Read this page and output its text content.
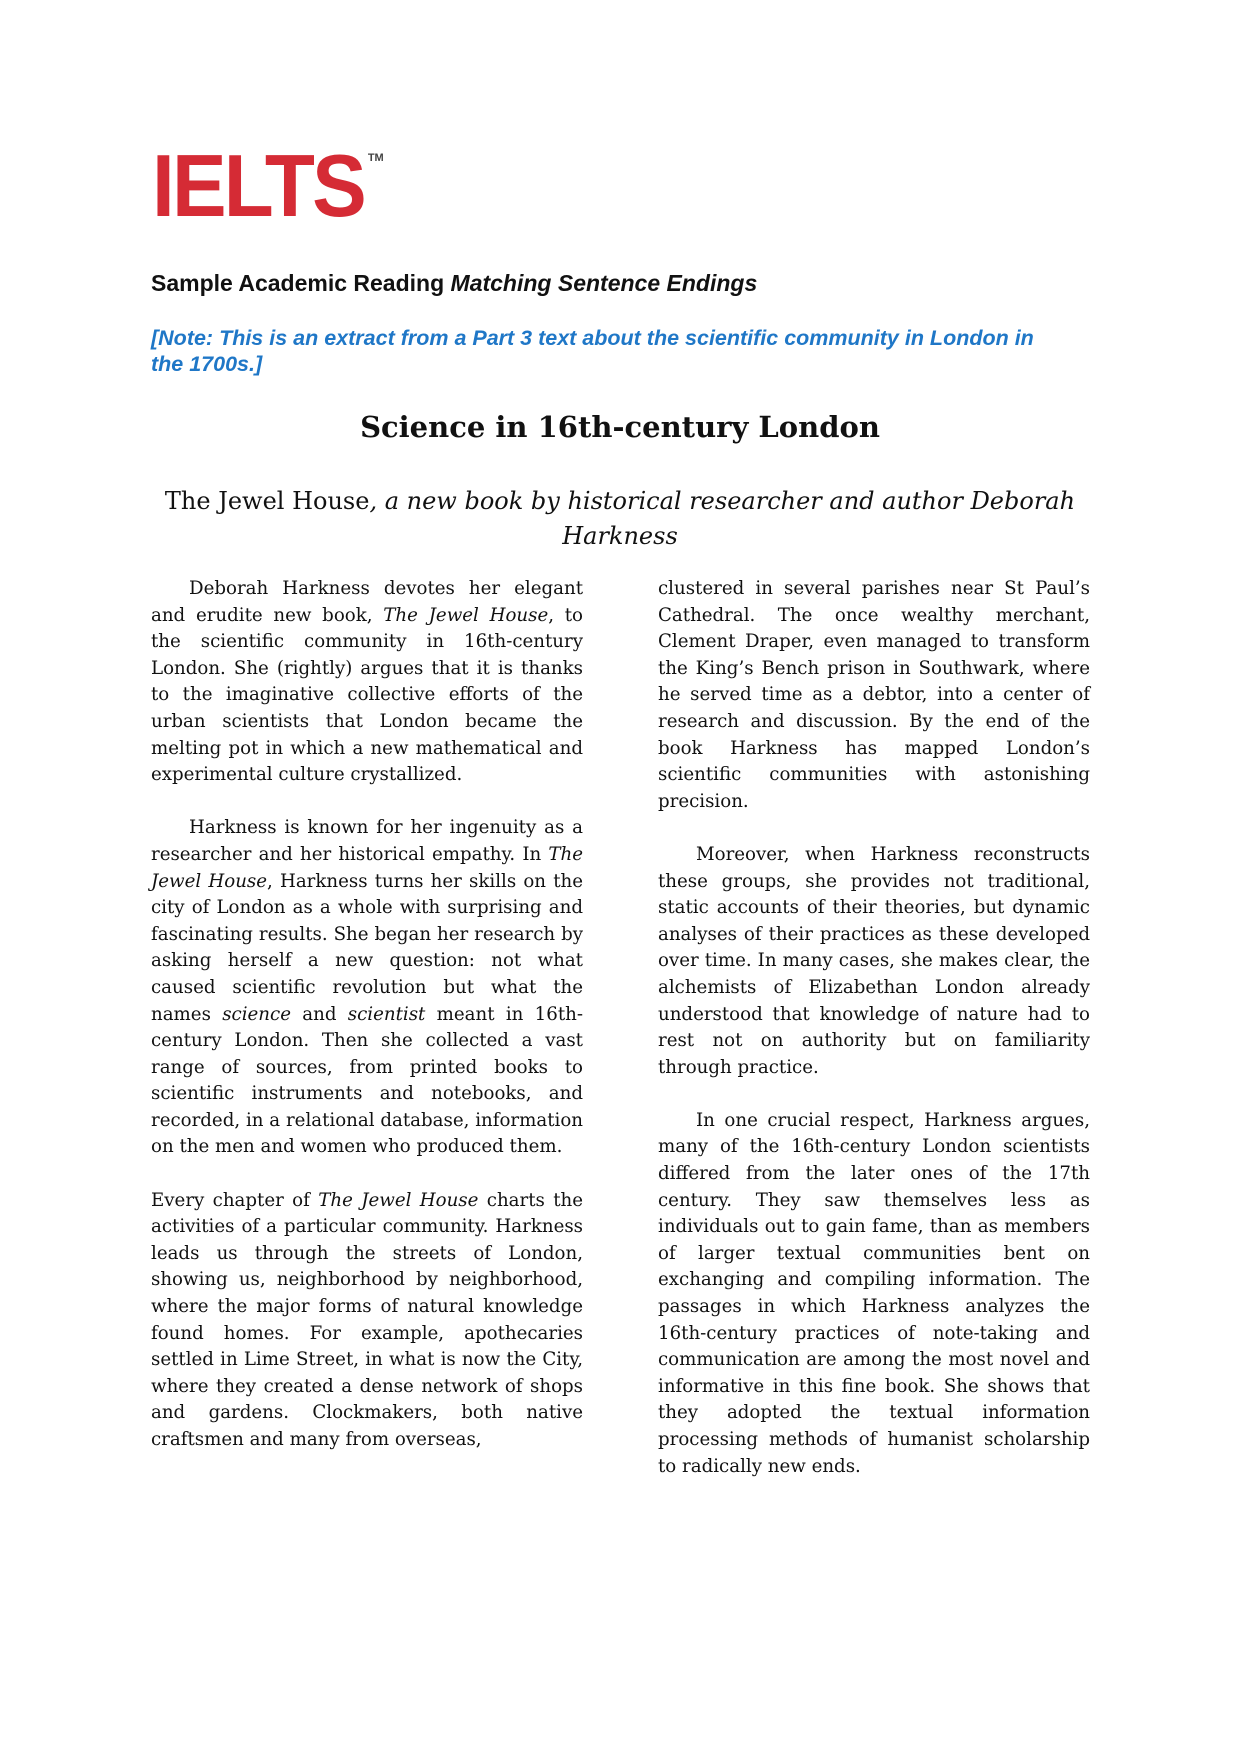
IELTS TM
Sample Academic Reading Matching Sentence Endings
[Note: This is an extract from a Part 3 text about the scientific community in London in the 1700s.]
Science in 16th-century London
The Jewel House, a new book by historical researcher and author Deborah Harkness

Deborah Harkness devotes her elegant and erudite new book, The Jewel House, to the scientific community in 16th-century London. She (rightly) argues that it is thanks to the imaginative collective efforts of the urban scientists that London became the melting pot in which a new mathematical and experimental culture crystallized.

Harkness is known for her ingenuity as a researcher and her historical empathy. In The Jewel House, Harkness turns her skills on the city of London as a whole with surprising and fascinating results. She began her research by asking herself a new question: not what caused scientific revolution but what the names science and scientist meant in 16th-century London. Then she collected a vast range of sources, from printed books to scientific instruments and notebooks, and recorded, in a relational database, information on the men and women who produced them.

Every chapter of The Jewel House charts the activities of a particular community. Harkness leads us through the streets of London, showing us, neighborhood by neighborhood, where the major forms of natural knowledge found homes. For example, apothecaries settled in Lime Street, in what is now the City, where they created a dense network of shops and gardens. Clockmakers, both native craftsmen and many from overseas,

clustered in several parishes near St Paul’s Cathedral. The once wealthy merchant, Clement Draper, even managed to transform the King’s Bench prison in Southwark, where he served time as a debtor, into a center of research and discussion. By the end of the book Harkness has mapped London’s scientific communities with astonishing precision.

Moreover, when Harkness reconstructs these groups, she provides not traditional, static accounts of their theories, but dynamic analyses of their practices as these developed over time. In many cases, she makes clear, the alchemists of Elizabethan London already understood that knowledge of nature had to rest not on authority but on familiarity through practice.

In one crucial respect, Harkness argues, many of the 16th-century London scientists differed from the later ones of the 17th century. They saw themselves less as individuals out to gain fame, than as members of larger textual communities bent on exchanging and compiling information. The passages in which Harkness analyzes the 16th-century practices of note-taking and communication are among the most novel and informative in this fine book. She shows that they adopted the textual information processing methods of humanist scholarship to radically new ends.
